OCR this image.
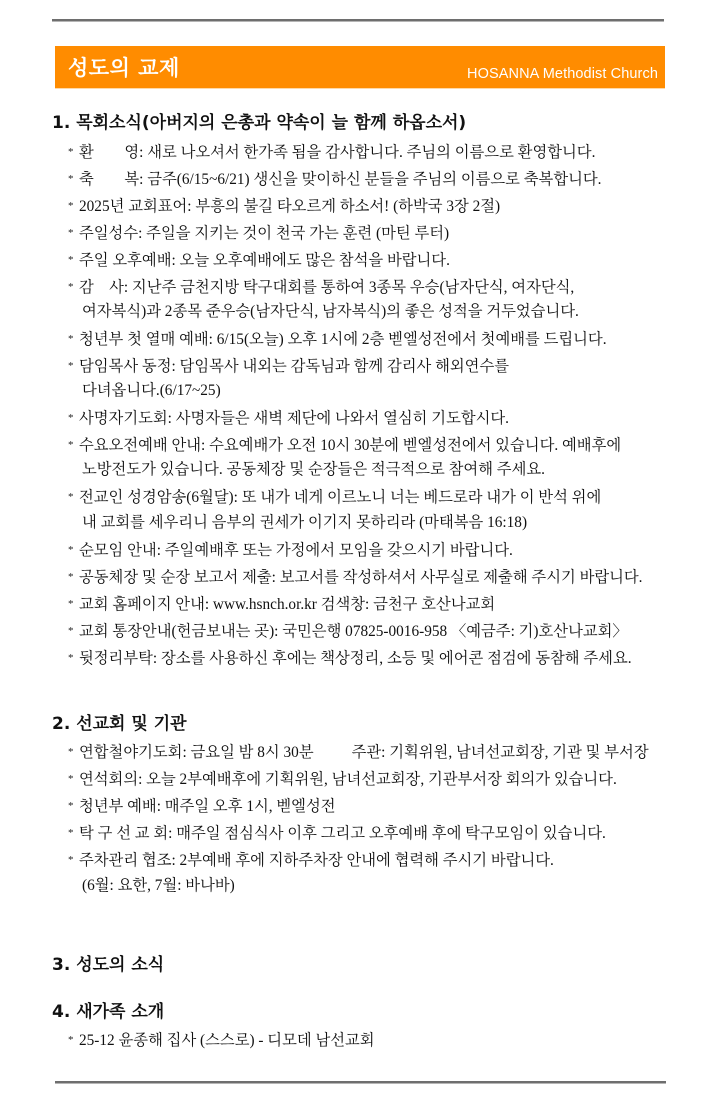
성도의 교제	HOSANNA Methodist Church
1. 목회소식(아버지의 은총과 약속이 늘 함께 하옵소서)
* 환　　영: 새로 나오셔서 한가족 됨을 감사합니다. 주님의 이름으로 환영합니다.
* 축　　복: 금주(6/15~6/21) 생신을 맞이하신 분들을 주님의 이름으로 축복합니다.
* 2025년 교회표어: 부흥의 불길 타오르게 하소서! (하박국 3장 2절)
* 주일성수: 주일을 지키는 것이 천국 가는 훈련 (마틴 루터)
* 주일 오후예배: 오늘 오후예배에도 많은 참석을 바랍니다.
* 감　사: 지난주 금천지방 탁구대회를 통하여 3종목 우승(남자단식, 여자단식,
여자복식)과 2종목 준우승(남자단식, 남자복식)의 좋은 성적을 거두었습니다.
* 청년부 첫 열매 예배: 6/15(오늘) 오후 1시에 2층 벧엘성전에서 첫예배를 드립니다.
* 담임목사 동정: 담임목사 내외는 감독님과 함께 감리사 해외연수를
다녀옵니다.(6/17~25)
* 사명자기도회: 사명자들은 새벽 제단에 나와서 열심히 기도합시다.
* 수요오전예배 안내: 수요예배가 오전 10시 30분에 벧엘성전에서 있습니다. 예배후에
노방전도가 있습니다. 공동체장 및 순장들은 적극적으로 참여해 주세요.
* 전교인 성경암송(6월달): 또 내가 네게 이르노니 너는 베드로라 내가 이 반석 위에
내 교회를 세우리니 음부의 권세가 이기지 못하리라 (마태복음 16:18)
* 순모임 안내: 주일예배후 또는 가정에서 모임을 갖으시기 바랍니다.
* 공동체장 및 순장 보고서 제출: 보고서를 작성하셔서 사무실로 제출해 주시기 바랍니다.
* 교회 홈페이지 안내: www.hsnch.or.kr 검색창: 금천구 호산나교회
* 교회 통장안내(헌금보내는 곳): 국민은행 07825-0016-958 〈예금주: 기)호산나교회〉
* 뒷정리부탁: 장소를 사용하신 후에는 책상정리, 소등 및 에어콘 점검에 동참해 주세요.
2. 선교회 및 기관
* 연합철야기도회: 금요일 밤 8시 30분 주관: 기획위원, 남녀선교회장, 기관 및 부서장
* 연석회의: 오늘 2부예배후에 기획위원, 남녀선교회장, 기관부서장 회의가 있습니다.
* 청년부 예배: 매주일 오후 1시, 벧엘성전
* 탁 구 선 교 회: 매주일 점심식사 이후 그리고 오후예배 후에 탁구모임이 있습니다.
* 주차관리 협조: 2부예배 후에 지하주차장 안내에 협력해 주시기 바랍니다.
(6월: 요한, 7월: 바나바)
3. 성도의 소식
4. 새가족 소개
* 25-12 윤종해 집사 (스스로) - 디모데 남선교회
